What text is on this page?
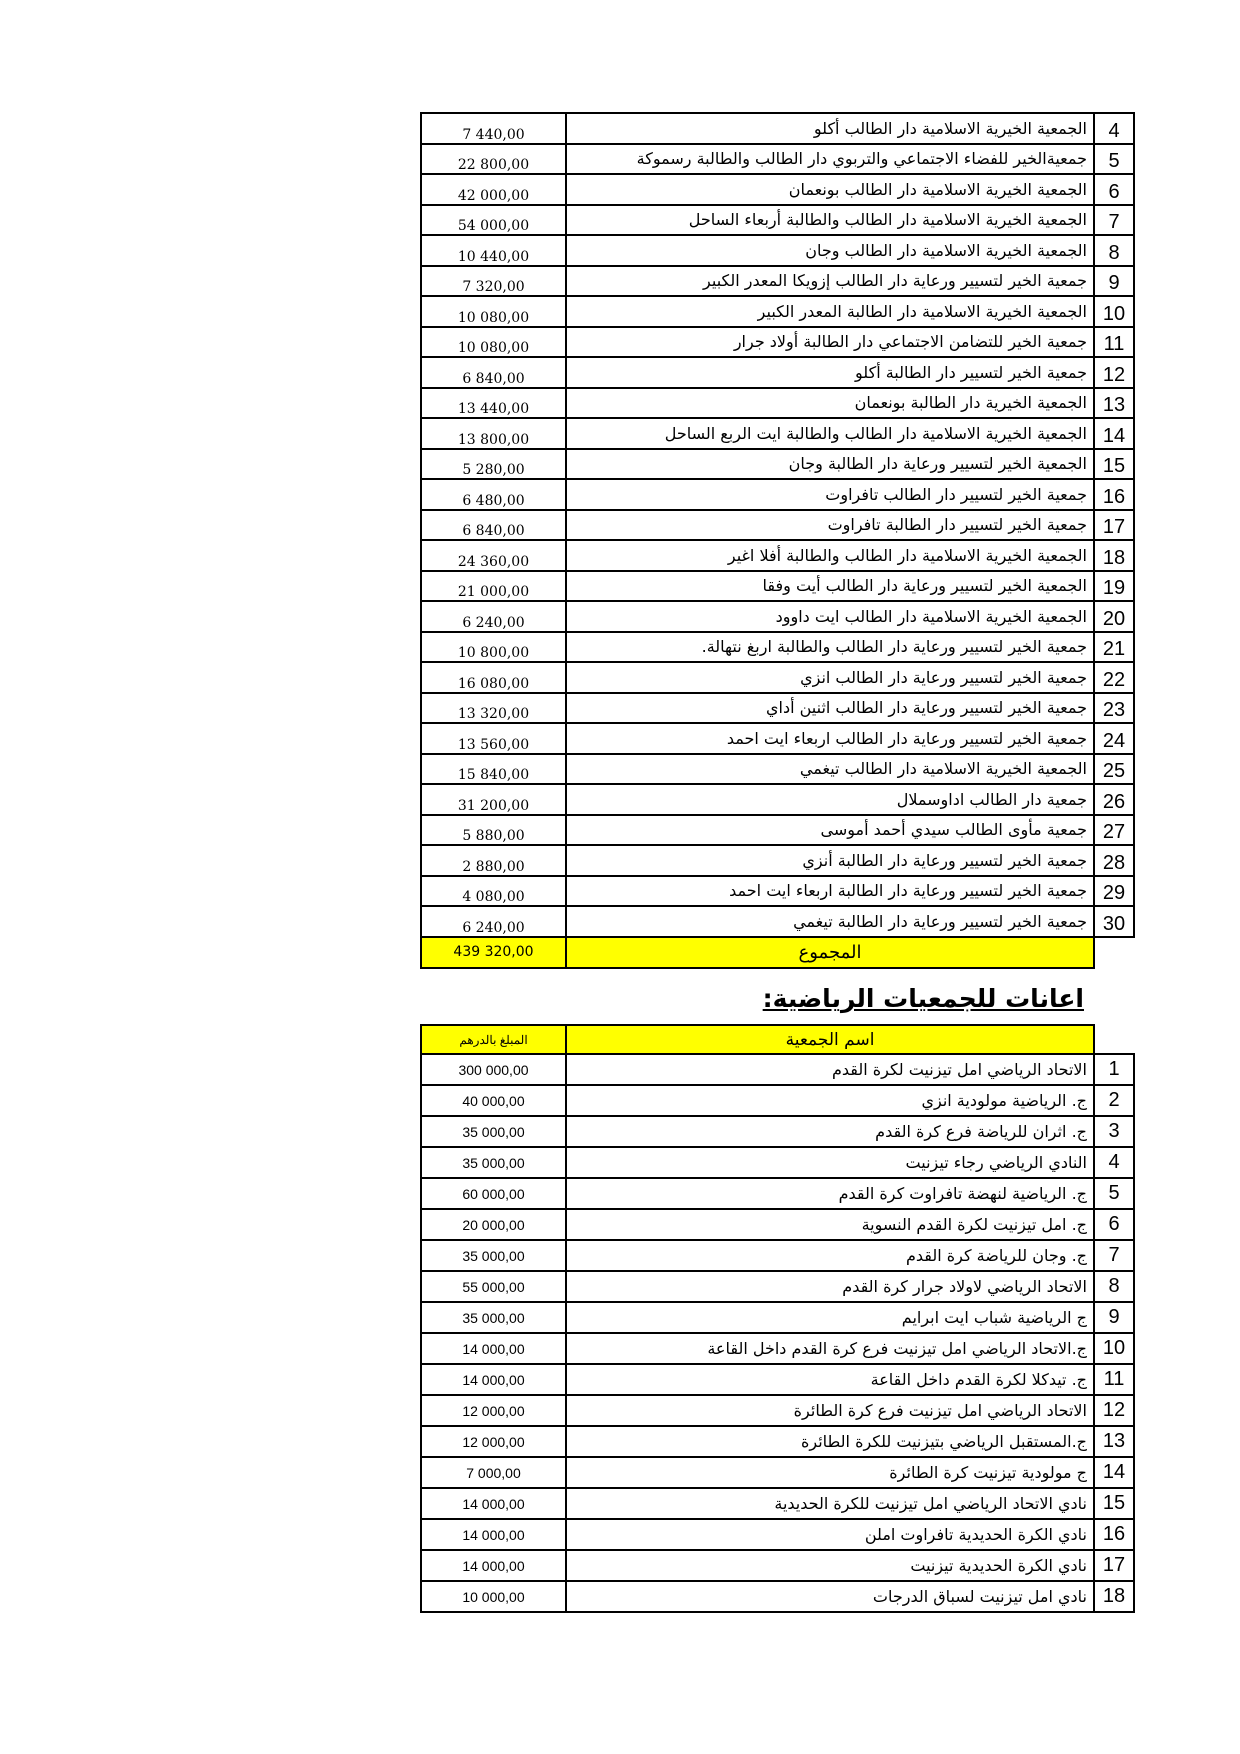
7 440,00	الجمعية الخيرية الاسلامية دار الطالب أكلو	4
22 800,00	جمعيةالخير للفضاء الاجتماعي والتربوي دار الطالب والطالبة رسموكة	5
42 000,00	الجمعية الخيرية الاسلامية دار الطالب بونعمان	6
54 000,00	الجمعية الخيرية الاسلامية دار الطالب والطالبة أربعاء الساحل	7
10 440,00	الجمعية الخيرية الاسلامية دار الطالب وجان	8
7 320,00	جمعية الخير لتسيير ورعاية دار الطالب إزويكا المعدر الكبير	9
10 080,00	الجمعية الخيرية الاسلامية دار الطالبة المعدر الكبير	10
10 080,00	جمعية الخير للتضامن الاجتماعي دار الطالبة أولاد جرار	11
6 840,00	جمعية الخير لتسيير دار الطالبة أكلو	12
13 440,00	الجمعية الخيرية دار الطالبة بونعمان	13
13 800,00	الجمعية الخيرية الاسلامية دار الطالب والطالبة ايت الربع الساحل	14
5 280,00	الجمعية الخير لتسيير ورعاية دار الطالبة وجان	15
6 480,00	جمعية الخير لتسيير دار الطالب تافراوت	16
6 840,00	جمعية الخير لتسيير دار الطالبة تافراوت	17
24 360,00	الجمعية الخيرية الاسلامية دار الطالب والطالبة أفلا اغير	18
21 000,00	الجمعية الخير لتسيير ورعاية دار الطالب أيت وفقا	19
6 240,00	الجمعية الخيرية الاسلامية دار الطالب ايت داوود	20
10 800,00	جمعية الخير لتسيير ورعاية دار الطالب والطالبة اربغ نتهالة.	21
16 080,00	جمعية الخير لتسيير ورعاية دار الطالب انزي	22
13 320,00	جمعية الخير لتسيير ورعاية دار الطالب اثنين أداي	23
13 560,00	جمعية الخير لتسيير ورعاية دار الطالب اربعاء ايت احمد	24
15 840,00	الجمعية الخيرية الاسلامية دار الطالب تيغمي	25
31 200,00	جمعية دار الطالب اداوسملال	26
5 880,00	جمعية مأوى الطالب سيدي أحمد أموسى	27
2 880,00	جمعية الخير لتسيير ورعاية دار الطالبة أنزي	28
4 080,00	جمعية الخير لتسيير ورعاية دار الطالبة اربعاء ايت احمد	29
6 240,00	جمعية الخير لتسيير ورعاية دار الطالبة تيغمي	30
439 320,00	المجموع	
اعانات للجمعيات الرياضية:
المبلغ بالدرهم	اسم الجمعية	
300 000,00	الاتحاد الرياضي امل تيزنيت لكرة القدم	1
40 000,00	ج. الرياضية مولودية انزي	2
35 000,00	ج. اثران للرياضة فرع كرة القدم	3
35 000,00	النادي الرياضي رجاء تيزنيت	4
60 000,00	ج. الرياضية لنهضة تافراوت كرة القدم	5
20 000,00	ج. امل تيزنيت لكرة القدم النسوية	6
35 000,00	ج. وجان للرياضة كرة القدم	7
55 000,00	الاتحاد الرياضي لاولاد جرار كرة القدم	8
35 000,00	ج الرياضية شباب ايت ابرايم	9
14 000,00	ج.الاتحاد الرياضي امل تيزنيت فرع كرة القدم داخل القاعة	10
14 000,00	ج. تيدكلا لكرة القدم داخل القاعة	11
12 000,00	الاتحاد الرياضي امل تيزنيت فرع كرة الطائرة	12
12 000,00	ج.المستقبل الرياضي بتيزنيت للكرة الطائرة	13
7 000,00	ج مولودية تيزنيت كرة الطائرة	14
14 000,00	نادي الاتحاد الرياضي امل تيزنيت للكرة الحديدية	15
14 000,00	نادي الكرة الحديدية تافراوت املن	16
14 000,00	نادي الكرة الحديدية تيزنيت	17
10 000,00	نادي امل تيزنيت لسباق الدرجات	18
